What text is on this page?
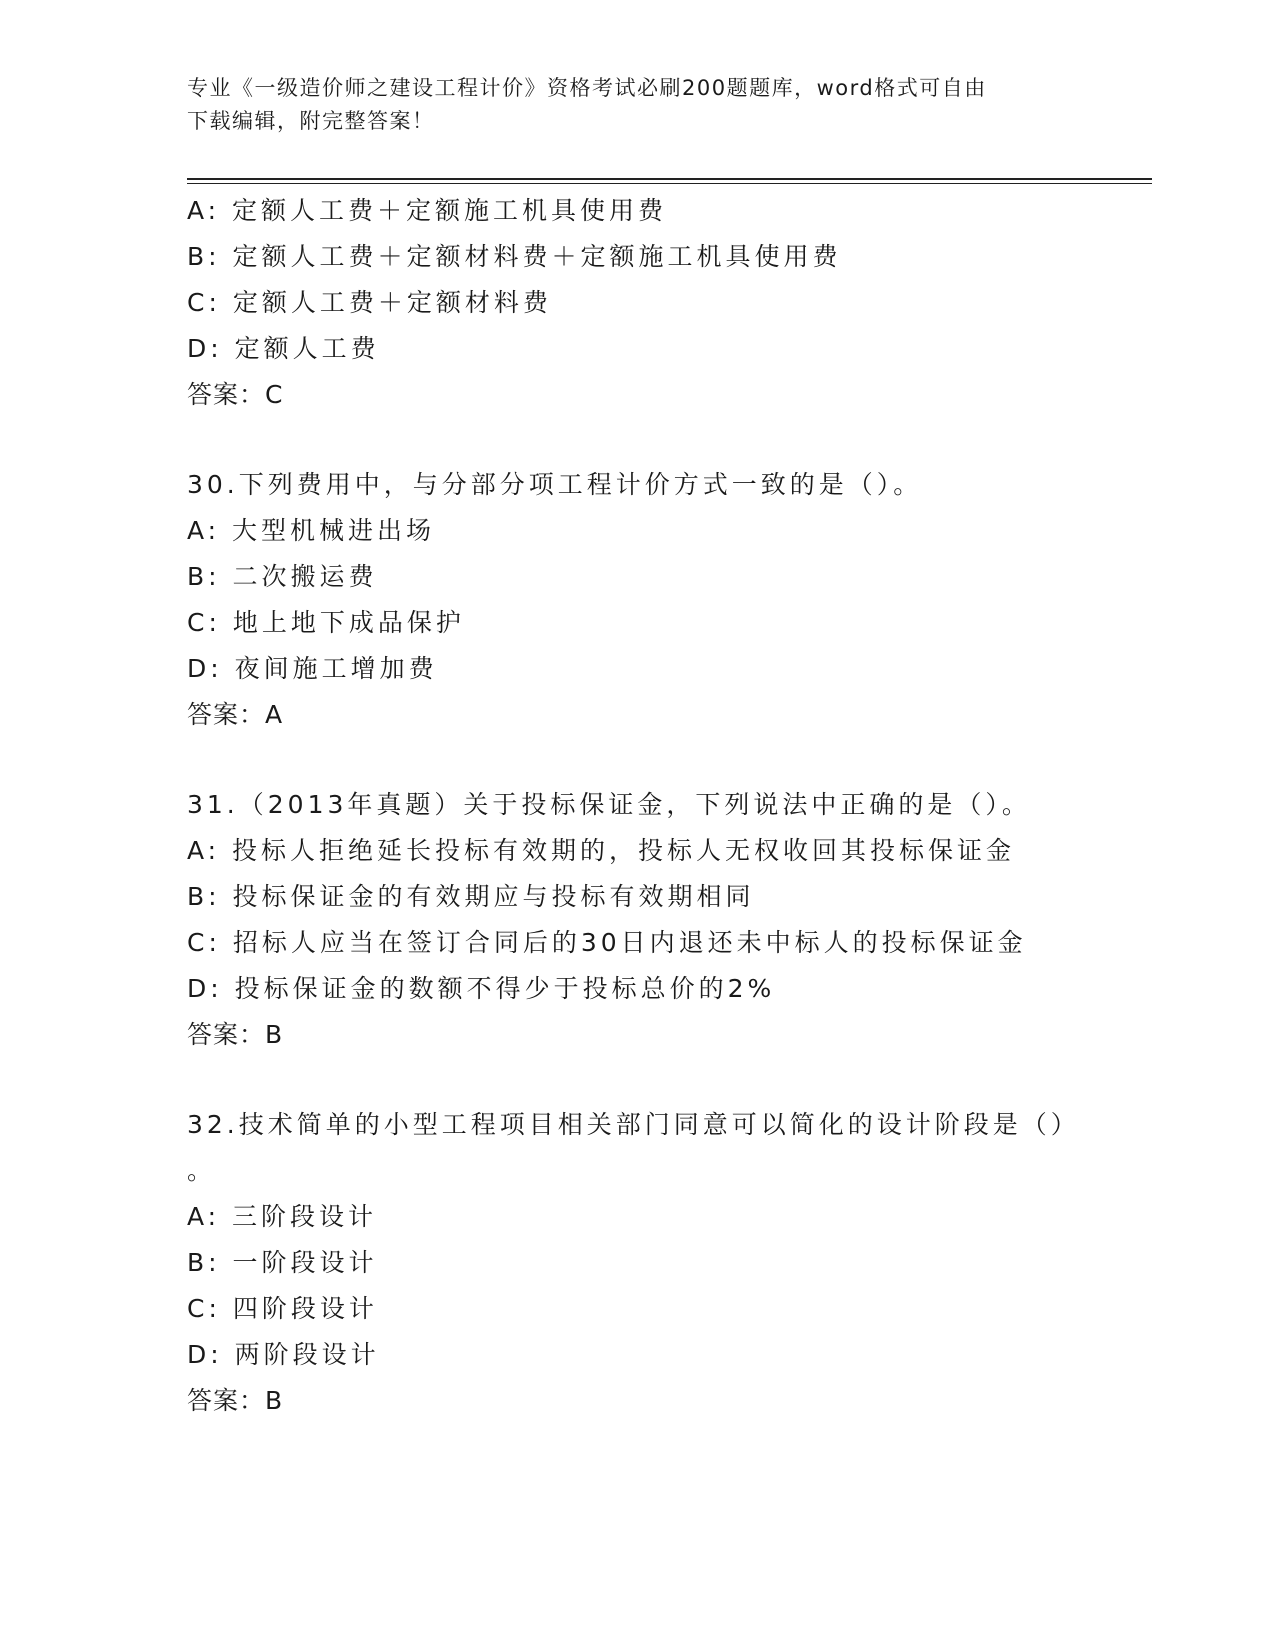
专业《一级造价师之建设工程计价》资格考试必刷200题题库，word格式可自由
下载编辑，附完整答案！
A: 定额人工费＋定额施工机具使用费
B: 定额人工费＋定额材料费＋定额施工机具使用费
C: 定额人工费＋定额材料费
D: 定额人工费
答案：C
30.下列费用中，与分部分项工程计价方式一致的是（）。
A: 大型机械进出场
B: 二次搬运费
C: 地上地下成品保护
D: 夜间施工增加费
答案：A
31.（2013年真题）关于投标保证金，下列说法中正确的是（）。
A: 投标人拒绝延长投标有效期的，投标人无权收回其投标保证金
B: 投标保证金的有效期应与投标有效期相同
C: 招标人应当在签订合同后的30日内退还未中标人的投标保证金
D: 投标保证金的数额不得少于投标总价的2%
答案：B
32.技术简单的小型工程项目相关部门同意可以简化的设计阶段是（）
。
A: 三阶段设计
B: 一阶段设计
C: 四阶段设计
D: 两阶段设计
答案：B
